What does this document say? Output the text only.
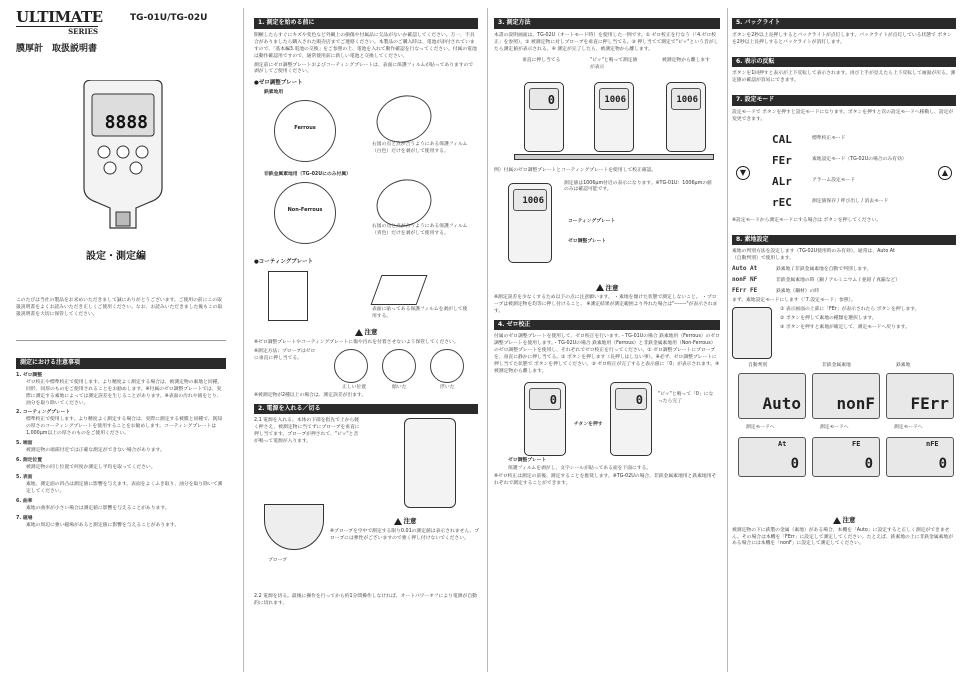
ULTIMATE
SERIES
膜厚計　取扱説明書
TG-01U/TG-02U
8888
設定・測定編
このたびは当社の製品をお求めいただきまして誠にありがとうございます。ご使用の前にこの取扱説明書をよくお読みいただき正しくご使用ください。なお、お読みいただきました後もこの取扱説明書を大切に保管してください。
測定における注意事項
1. ゼロ調整
ゼロ校正や標準校正で使用します。より精度よく測定する場合は、被測定物の素地と同種、同形、同厚のものをご使用されることをお勧めします。※付属のゼロ調整プレートでは、実際に測定する素地によっては測定誤差を生じることがあります。※表面の汚れや錆をとり、油分を取り除いてください。
2. コーティングプレート
標準校正で使用します。より精度よく測定する場合は、実際に測定する被膜と同種で、既知の厚さのコーティングプレートを使用することをお勧めします。コーティングプレートは1,000μm以上の厚さのものをご使用ください。
5. 端面
被測定物の端部付近では正確な測定ができない場合があります。
6. 測定位置
被測定物の同じ位置で何度か測定し平均を取ってください。
5. 表面
素地、測定面の凹凸は測定値に影響を与えます。表面をよくふき取り、油分を取り除いて測定してください。
6. 曲率
素地の曲率が小さい場合は測定値に影響を与えることがあります。
7. 磁場
素地の周辺に強い磁場があると測定値に影響を与えることがあります。
1. 測定を始める前に
開梱したらすぐにキズや変色など外観上の損傷や付属品に欠品がないか確認してください。万一、不具合がありましたら購入された販売店までご連絡ください。本製品のご購入時は、電池が添付されていますので、「基本編3.電池の交換」をご参照の上、電池を入れて動作確認を行なってください。付属の電池は動作確認用ですので、通常使用前に新しい電池と交換してください。
測定前にゼロ調整プレートおよびコーティングプレートは、表面に保護フィルムが貼ってありますので剥がしてご使用ください。
●ゼロ調整プレート
鉄素地用
Ferrous
右図の点と点が合うようにある保護フィルム（白色）だけを剥がして使用する。
非鉄金属素地用（TG-02Uにのみ付属）
Non-Ferrous
右図の点と点が合うようにある保護フィルム（青色）だけを剥がして使用する。
●コーティングプレート
表面に貼ってある保護フィルムを剥がして使用する。
注意
※ゼロ調整プレートやコーティングプレートに傷や汚れを付着させないよう保管してください。
※測定方法：プローブはゼロに垂直に押し当てる。
正しい位置	傾いた	浮いた
※被測定物が2種以上の場合は、測定誤差が出ます。
2. 電源を入れる／切る
2.1 電源を入れる。本体の下部を指先で上から軽く押さえ、被測定物に当てずにプローブを垂直に押し当てます。プローブが押されて、"ピッ"と音が鳴って電源が入ります。
プローブ
注意
※プローブを空中で測定する限り0.01の測定値は表示されません。プローブには弾性がございますので強く押し付けないでください。
2.2 電源を切る。最後に操作を行ってから約1分間操作しなければ、オートパワーオフにより電源が自動的に切れます。
3. 測定方法
本書の説明画面は、TG-02U（オートモード時）を使用した一例です。① ゼロ校正を行なう（「4.ゼロ校正」を参照）。② 被測定物に対しプローブを垂直に押し当てる。③ 押し当てて測定で"ピッ"という音がしたら測定値が表示される。④ 測定が完了したら、被測定物から離します。
垂直に押し当てる	"ピッ"と鳴って測定値が表示
被測定物から離します
0	1006	1006
例）付属のゼロ調整プレートとコーティングプレートを使用して校正確認。
1006
測定値は1006μm付近の表示になります。※TG-01U：1006μmの値のみは確認可能です。
コーティングプレート
ゼロ調整プレート
注意
※測定誤差を少なくするため以下の点に注意願います。 ・素地を傾けた状態で測定しないこと。 ・プローブは被測定物を均等に押し付けること。 ※測定結果が測定範囲より外れた場合は"-------"が表示されます。
4. ゼロ校正
付属のゼロ調整プレートを使用して、ゼロ校正を行います。・TG-01Uの場合 鉄素地用（Ferrous）のゼロ調整プレートを使用します。・TG-02Uの場合 鉄素地用（Ferrous）と非鉄金属素地用（Non-Ferrous）のゼロ調整プレートを使用し、それぞれでゼロ校正を行ってください。① ゼロ調整プレートにプローブを、垂直に静かに押し当てる。② ボタンを押します（長押しはしない事）。※必ず、ゼロ調整プレートに押し当てた状態で ボタンを押してください。③ ゼロ校正が完了すると表示値に「0」が表示されます。④ 被測定物から離します。
0
チタンを押す
0	"ピッ"と鳴って「0」になったら完了
ゼロ調整プレート
保護フィルムを剥がし、文字シールが貼ってある面を下面にする。
※ゼロ校正は測定の前後、測定することを推奨します。※TG-02Uの場合、非鉄金属素地用と鉄素地用それぞれで測定することができます。
5. バックライト
ボタンを2秒以上長押しするとバックライトが点灯します。バックライトが点灯している状態で ボタンを2秒以上長押しするとバックライトが消灯します。
6. 表示の反転
ボタンを1回押すと表示が上下反転して表示されます。再び上手が見えたら上下反転して画面が戻る。測定値の確認が容易にできます。
7. 設定モード
設定モードで ボタンを押すと設定モードになります。ボタンを押すと次の設定モードへ移動し、設定が変更できます。
▼	▲
CAL	標準校正モード
FEr	素地設定モード（TG-02Uの場合のみ有効）
ALr	アラーム設定モード
rEC	測定値保存 / 呼び出し / 消去モード
※設定モードから測定モードにする場合は ボタンを押してください。
8. 素地設定
素地の判別方法を設定します（TG-02U使用時のみ有効）。通常は、Auto At（自動判別）で使用します。
Auto At	鉄素地 / 非鉄金属素地を自動で判別します。
nonF NF	非鉄金属素地の時（銅 / アルミニウム / 亜鉛 / 真鍮など）
FErr FE	鉄素地（鋼材）の時
まず、素地設定モードにします（「7.設定モード」参照）。
① 表示画面の上部に「FEr」が表示されたら ボタンを押します。
② ボタンを押して素地の種類を選択します。
③ ボタンを押すと素地が確定して、測定モードへ戻ります。
自動判別
Auto
測定モードへ
0
At
非鉄金属素地
nonF
測定モードへ
0
FE
鉄素地
FErr
測定モードへ
0
nFE
注意
被測定物の下に鉄製の金属（素地）がある場合、本機を「Auto」に設定すると正しく測定ができません。その場合は本機を「FErr」に設定して測定してください。たとえば、鉄素地の上に非鉄金属素地がある場合には本機を「nonF」に設定して測定してください。
